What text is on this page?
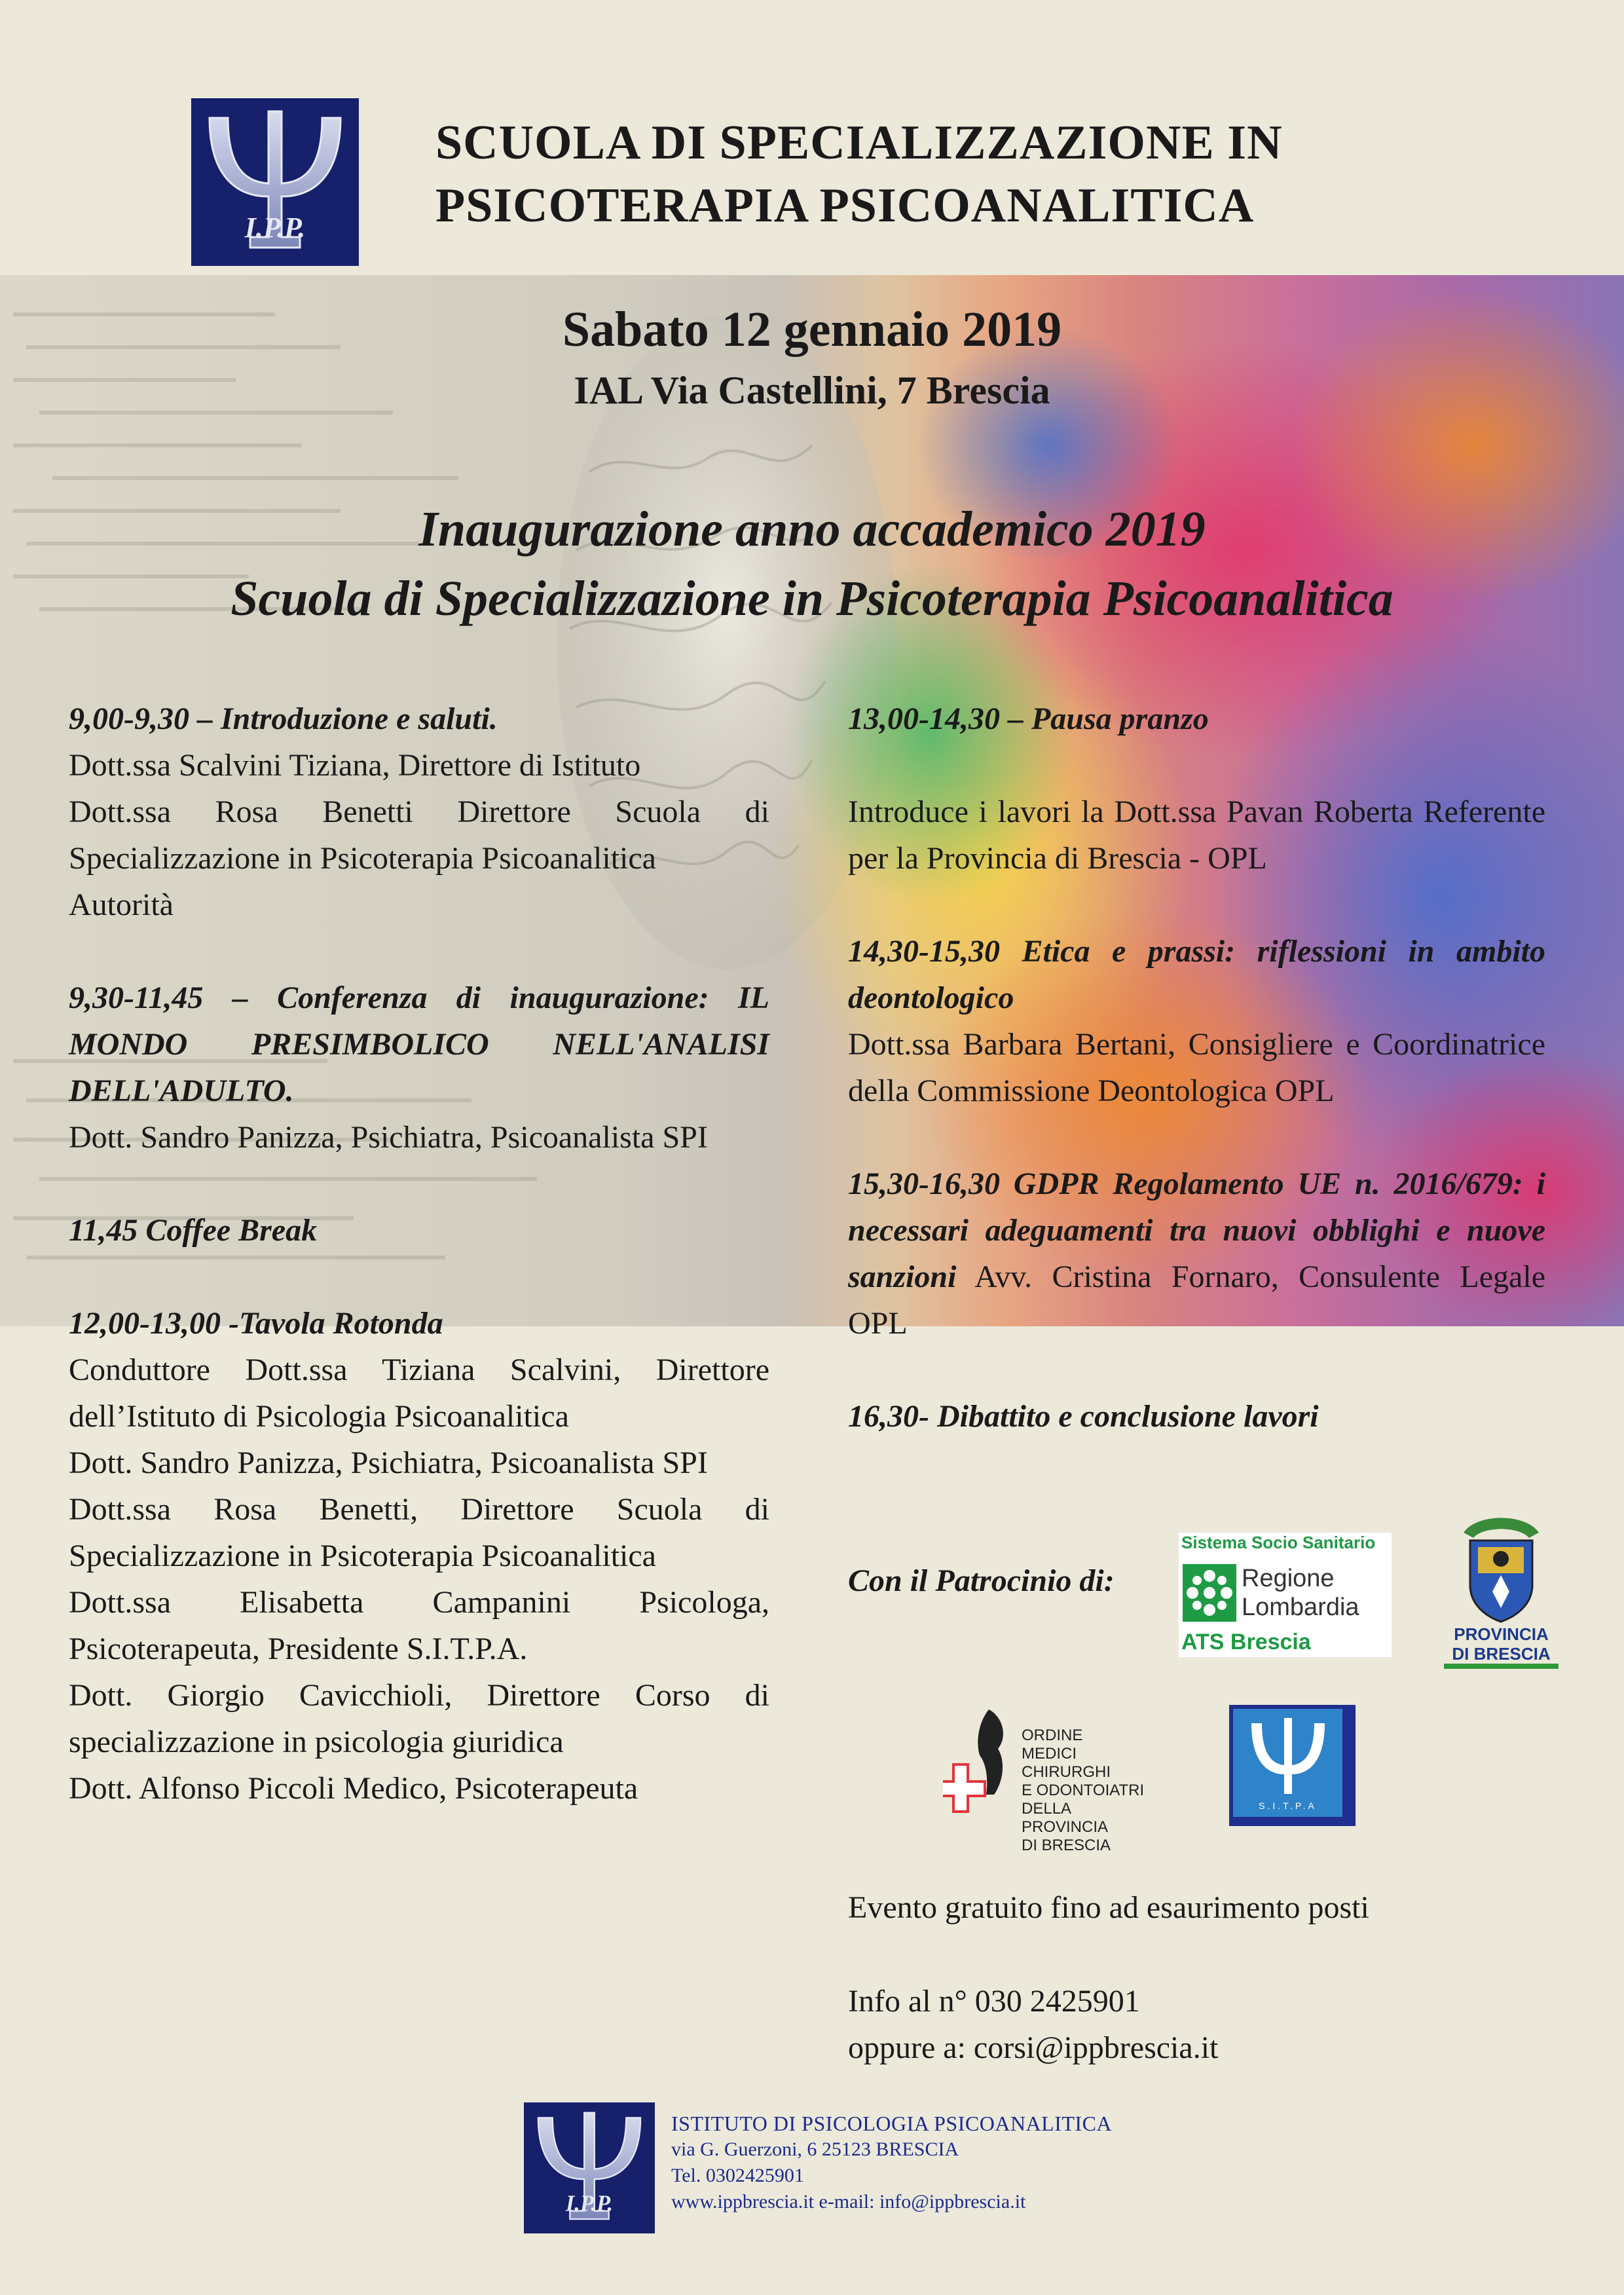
I.P.P.
SCUOLA DI SPECIALIZZAZIONE IN
PSICOTERAPIA PSICOANALITICA
Sabato 12 gennaio 2019
IAL Via Castellini, 7 Brescia
Inaugurazione anno accademico 2019
Scuola di Specializzazione in Psicoterapia Psicoanalitica

9,00-9,30 – Introduzione e saluti.

Dott.ssa Scalvini Tiziana, Direttore di Istituto

Dott.ssa Rosa Benetti Direttore Scuola di Specializzazione in Psicoterapia Psicoanalitica

Autorità

9,30-11,45 – Conferenza di inaugurazione: IL MONDO PRESIMBOLICO NELL'ANALISI DELL'ADULTO.

Dott. Sandro Panizza, Psichiatra, Psicoanalista SPI

11,45 Coffee Break

12,00-13,00 -Tavola Rotonda

Conduttore Dott.ssa Tiziana Scalvini, Direttore dell’Istituto di Psicologia Psicoanalitica

Dott. Sandro Panizza, Psichiatra, Psicoanalista SPI

Dott.ssa Rosa Benetti, Direttore Scuola di Specializzazione in Psicoterapia Psicoanalitica

Dott.ssa Elisabetta Campanini Psicologa, Psicoterapeuta, Presidente S.I.T.P.A.

Dott. Giorgio Cavicchioli, Direttore Corso di specializzazione in psicologia giuridica

Dott. Alfonso Piccoli Medico, Psicoterapeuta

13,00-14,30 – Pausa pranzo

Introduce i lavori la Dott.ssa Pavan Roberta Referente per la Provincia di Brescia - OPL

14,30-15,30 Etica e prassi: riflessioni in ambito deontologico

Dott.ssa Barbara Bertani, Consigliere e Coordinatrice della Commissione Deontologica OPL

15,30-16,30 GDPR Regolamento UE n. 2016/679: i necessari adeguamenti tra nuovi obblighi e nuove sanzioni Avv. Cristina Fornaro, Consulente Legale OPL

16,30- Dibattito e conclusione lavori

Con il Patrocinio di:
Sistema Socio Sanitario
Regione
Lombardia
ATS Brescia	PROVINCIA
DI BRESCIA
ORDINE
MEDICI CHIRURGHI
E ODONTOIATRI
DELLA PROVINCIA
DI BRESCIA
S.I.T.P.A
Evento gratuito fino ad esaurimento posti
Info al n° 030 2425901
oppure a: corsi@ippbrescia.it
I.P.P.
ISTITUTO DI PSICOLOGIA PSICOANALITICA
via G. Guerzoni, 6 25123 BRESCIA
Tel. 0302425901
www.ippbrescia.it e-mail: info@ippbrescia.it
